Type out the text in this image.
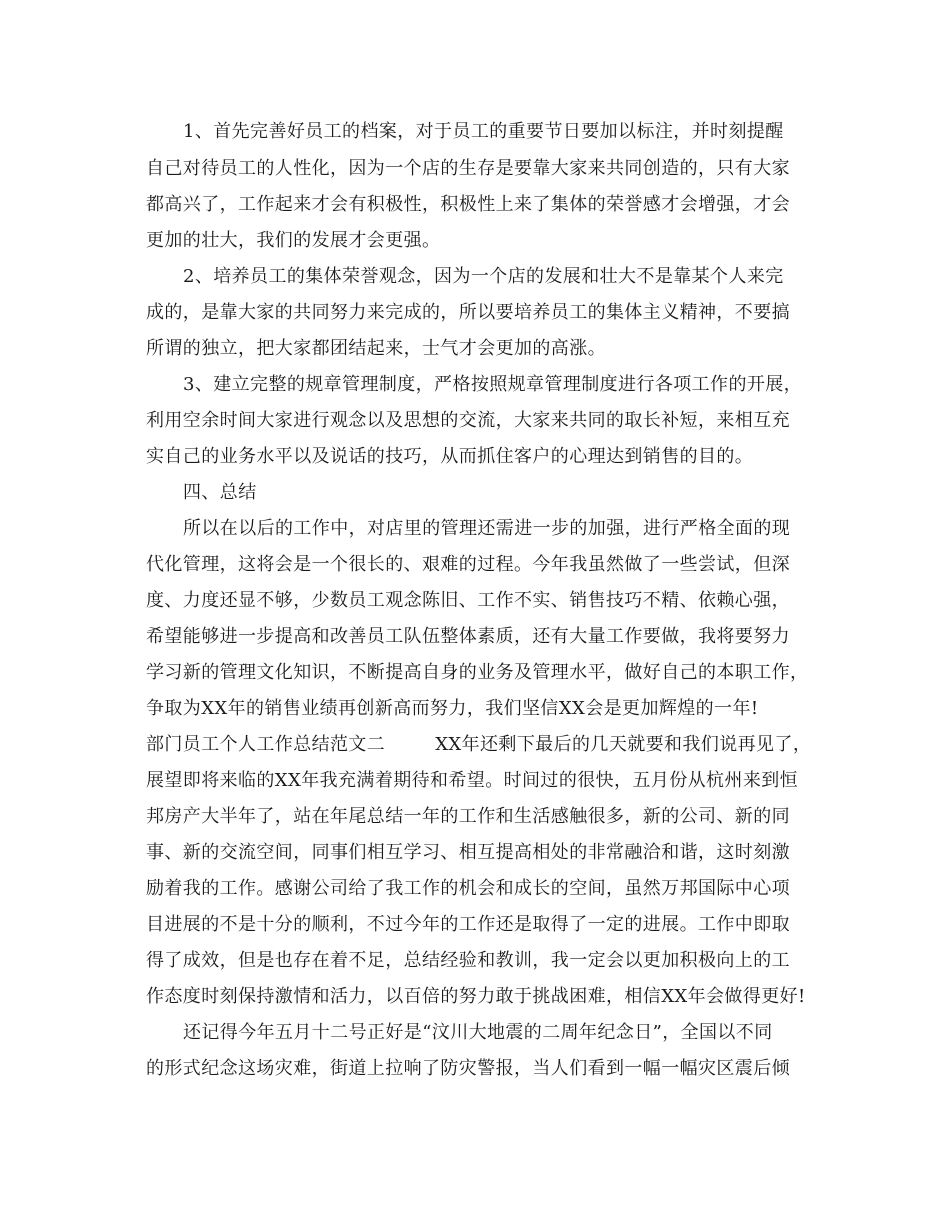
1、首先完善好员工的档案，对于员工的重要节日要加以标注，并时刻提醒

自己对待员工的人性化，因为一个店的生存是要靠大家来共同创造的，只有大家

都高兴了，工作起来才会有积极性，积极性上来了集体的荣誉感才会增强，才会

更加的壮大，我们的发展才会更强。

2、培养员工的集体荣誉观念，因为一个店的发展和壮大不是靠某个人来完

成的，是靠大家的共同努力来完成的，所以要培养员工的集体主义精神，不要搞

所谓的独立，把大家都团结起来，士气才会更加的高涨。

3、建立完整的规章管理制度，严格按照规章管理制度进行各项工作的开展，

利用空余时间大家进行观念以及思想的交流，大家来共同的取长补短，来相互充

实自己的业务水平以及说话的技巧，从而抓住客户的心理达到销售的目的。

四、总结

所以在以后的工作中，对店里的管理还需进一步的加强，进行严格全面的现

代化管理，这将会是一个很长的、艰难的过程。今年我虽然做了一些尝试，但深

度、力度还显不够，少数员工观念陈旧、工作不实、销售技巧不精、依赖心强，

希望能够进一步提高和改善员工队伍整体素质，还有大量工作要做，我将要努力

学习新的管理文化知识，不断提高自身的业务及管理水平，做好自己的本职工作，

争取为XX年的销售业绩再创新高而努力，我们坚信XX会是更加辉煌的一年!

部门员工个人工作总结范文二	XX年还剩下最后的几天就要和我们说再见了，

展望即将来临的XX年我充满着期待和希望。时间过的很快，五月份从杭州来到恒

邦房产大半年了，站在年尾总结一年的工作和生活感触很多，新的公司、新的同

事、新的交流空间，同事们相互学习、相互提高相处的非常融洽和谐，这时刻激

励着我的工作。感谢公司给了我工作的机会和成长的空间，虽然万邦国际中心项

目进展的不是十分的顺利，不过今年的工作还是取得了一定的进展。工作中即取

得了成效，但是也存在着不足，总结经验和教训，我一定会以更加积极向上的工

作态度时刻保持激情和活力，以百倍的努力敢于挑战困难，相信XX年会做得更好!

还记得今年五月十二号正好是“汶川大地震的二周年纪念日”，全国以不同

的形式纪念这场灾难，街道上拉响了防灾警报，当人们看到一幅一幅灾区震后倾
